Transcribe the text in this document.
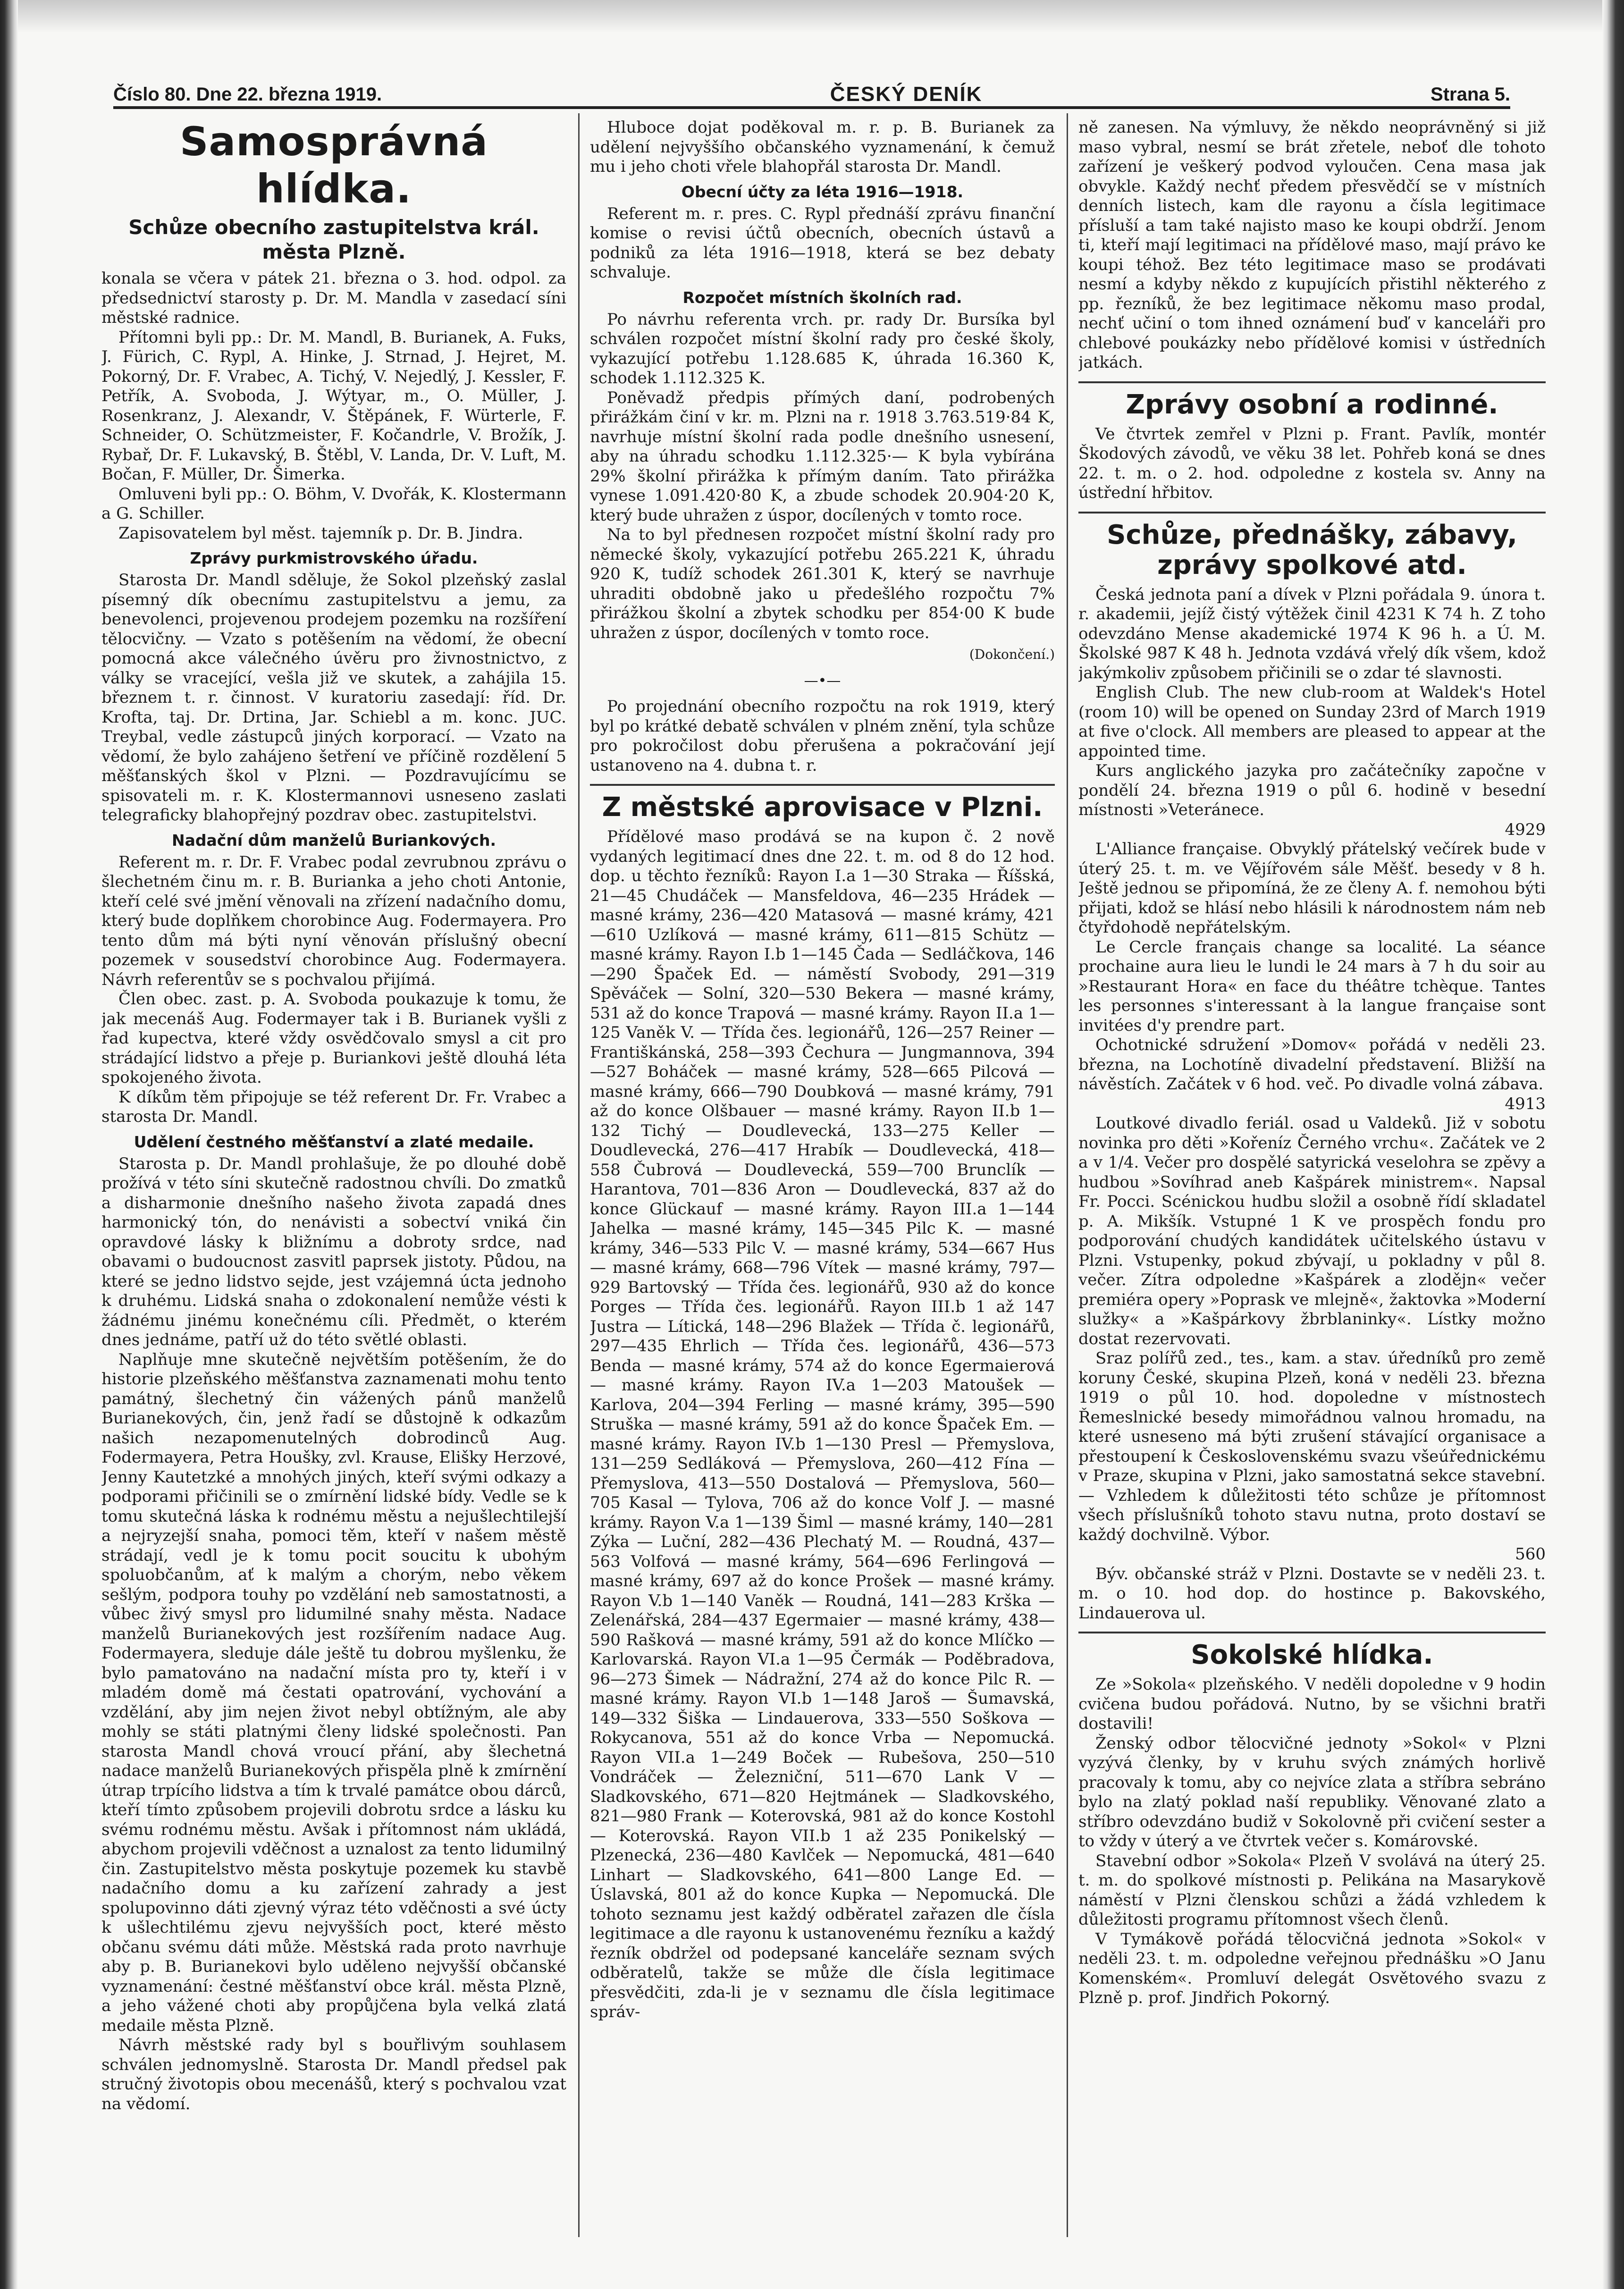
Číslo 80. Dne 22. března 1919.	ČESKÝ DENÍK	Strana 5.
Samosprávná hlídka.
Schůze obecního zastupitelstva král. města Plzně.

konala se včera v pátek 21. března o 3. hod. odpol. za předsednictví starosty p. Dr. M. Mandla v zasedací síni městské radnice.

Přítomni byli pp.: Dr. M. Mandl, B. Burianek, A. Fuks, J. Fürich, C. Rypl, A. Hinke, J. Strnad, J. Hejret, M. Pokorný, Dr. F. Vrabec, A. Tichý, V. Nejedlý, J. Kessler, F. Petřík, A. Svoboda, J. Wýtyar, m., O. Müller, J. Rosenkranz, J. Alexandr, V. Štěpánek, F. Würterle, F. Schneider, O. Schützmeister, F. Kočandrle, V. Brožík, J. Rybař, Dr. F. Lukavský, B. Štěbl, V. Landa, Dr. V. Luft, M. Bočan, F. Müller, Dr. Šimerka.

Omluveni byli pp.: O. Böhm, V. Dvořák, K. Klostermann a G. Schiller.

Zapisovatelem byl měst. tajemník p. Dr. B. Jindra.

Zprávy purkmistrovského úřadu.

Starosta Dr. Mandl sděluje, že Sokol plzeňský zaslal písemný dík obecnímu zastupitelstvu a jemu, za benevolenci, projevenou prodejem pozemku na rozšíření tělocvičny. — Vzato s potěšením na vědomí, že obecní pomocná akce válečného úvěru pro živnostnictvo, z války se vracející, vešla již ve skutek, a zahájila 15. březnem t. r. činnost. V kuratoriu zasedají: říd. Dr. Krofta, taj. Dr. Drtina, Jar. Schiebl a m. konc. JUC. Treybal, vedle zástupců jiných korporací. — Vzato na vědomí, že bylo zahájeno šetření ve příčině rozdělení 5 měšťanských škol v Plzni. — Pozdravujícímu se spisovateli m. r. K. Klostermannovi usneseno zaslati telegraficky blahopřejný pozdrav obec. zastupitelstvi.

Nadační dům manželů Buriankových.

Referent m. r. Dr. F. Vrabec podal zevrubnou zprávu o šlechetném činu m. r. B. Burianka a jeho choti Antonie, kteří celé své jmění věnovali na zřízení nadačního domu, který bude doplňkem chorobince Aug. Fodermayera. Pro tento dům má býti nyní věnován příslušný obecní pozemek v sousedství chorobince Aug. Fodermayera. Návrh referentův se s pochvalou přijímá.

Člen obec. zast. p. A. Svoboda poukazuje k tomu, že jak mecenáš Aug. Fodermayer tak i B. Burianek vyšli z řad kupectva, které vždy osvědčovalo smysl a cit pro strádající lidstvo a přeje p. Buriankovi ještě dlouhá léta spokojeného života.

K díkům těm připojuje se též referent Dr. Fr. Vrabec a starosta Dr. Mandl.

Udělení čestného měšťanství a zlaté medaile.

Starosta p. Dr. Mandl prohlašuje, že po dlouhé době prožívá v této síni skutečně radostnou chvíli. Do zmatků a disharmonie dnešního našeho života zapadá dnes harmonický tón, do nenávisti a sobectví vniká čin opravdové lásky k bližnímu a dobroty srdce, nad obavami o budoucnost zasvitl paprsek jistoty. Půdou, na které se jedno lidstvo sejde, jest vzájemná úcta jednoho k druhému. Lidská snaha o zdokonalení nemůže vésti k žádnému jinému konečnému cíli. Předmět, o kterém dnes jednáme, patří už do této světlé oblasti.

Naplňuje mne skutečně největším potěšením, že do historie plzeňského měšťanstva zaznamenati mohu tento památný, šlechetný čin vážených pánů manželů Burianekových, čin, jenž řadí se důstojně k odkazům našich nezapomenutelných dobrodinců Aug. Fodermayera, Petra Houšky, zvl. Krause, Elišky Herzové, Jenny Kautetzké a mnohých jiných, kteří svými odkazy a podporami přičinili se o zmírnění lidské bídy. Vedle se k tomu skutečná láska k rodnému městu a nejušlechtilejší a nejryzejší snaha, pomoci těm, kteří v našem městě strádají, vedl je k tomu pocit soucitu k ubohým spoluobčanům, ať k malým a chorým, nebo věkem sešlým, podpora touhy po vzdělání neb samostatnosti, a vůbec živý smysl pro lidumilné snahy města. Nadace manželů Burianekových jest rozšířením nadace Aug. Fodermayera, sleduje dále ještě tu dobrou myšlenku, že bylo pamatováno na nadační místa pro ty, kteří i v mladém domě má čestati opatrování, vychování a vzdělání, aby jim nejen život nebyl obtížným, ale aby mohly se státi platnými členy lidské společnosti. Pan starosta Mandl chová vroucí přání, aby šlechetná nadace manželů Burianekových přispěla plně k zmírnění útrap trpícího lidstva a tím k trvalé památce obou dárců, kteří tímto způsobem projevili dobrotu srdce a lásku ku svému rodnému městu. Avšak i přítomnost nám ukládá, abychom projevili vděčnost a uznalost za tento lidumilný čin. Zastupitelstvo města poskytuje pozemek ku stavbě nadačního domu a ku zařízení zahrady a jest spolupovinno dáti zjevný výraz této vděčnosti a své úcty k ušlechtilému zjevu nejvyšších poct, které město občanu svému dáti může. Městská rada proto navrhuje aby p. B. Burianekovi bylo uděleno nejvyšší občanské vyznamenání: čestné měšťanství obce král. města Plzně, a jeho vážené choti aby propůjčena byla velká zlatá medaile města Plzně.

Návrh městské rady byl s bouřlivým souhlasem schválen jednomyslně. Starosta Dr. Mandl předsel pak stručný životopis obou mecenášů, který s pochvalou vzat na vědomí.

Hluboce dojat poděkoval m. r. p. B. Burianek za udělení nejvyššího občanského vyznamenání, k čemuž mu i jeho choti vřele blahopřál starosta Dr. Mandl.

Obecní účty za léta 1916—1918.

Referent m. r. pres. C. Rypl přednáší zprávu finanční komise o revisi účtů obecních, obecních ústavů a podniků za léta 1916—1918, která se bez debaty schvaluje.

Rozpočet místních školních rad.

Po návrhu referenta vrch. pr. rady Dr. Bursíka byl schválen rozpočet místní školní rady pro české školy, vykazující potřebu 1.128.685 K, úhrada 16.360 K, schodek 1.112.325 K.

Poněvadž předpis přímých daní, podrobených přirážkám činí v kr. m. Plzni na r. 1918 3.763.519·84 K, navrhuje místní školní rada podle dnešního usnesení, aby na úhradu schodku 1.112.325·— K byla vybírána 29% školní přirážka k přímým daním. Tato přirážka vynese 1.091.420·80 K, a zbude schodek 20.904·20 K, který bude uhražen z úspor, docílených v tomto roce.

Na to byl přednesen rozpočet místní školní rady pro německé školy, vykazující potřebu 265.221 K, úhradu 920 K, tudíž schodek 261.301 K, který se navrhuje uhraditi obdobně jako u předešlého rozpočtu 7% přirážkou školní a zbytek schodku per 854·00 K bude uhražen z úspor, docílených v tomto roce.

(Dokončení.)
—•—

Po projednání obecního rozpočtu na rok 1919, který byl po krátké debatě schválen v plném znění, tyla schůze pro pokročilost dobu přerušena a pokračování její ustanoveno na 4. dubna t. r.

Z městské aprovisace v Plzni.

Přídělové maso prodává se na kupon č. 2 nově vydaných legitimací dnes dne 22. t. m. od 8 do 12 hod. dop. u těchto řezníků: Rayon I.a 1—30 Straka — Říšská, 21—45 Chudáček — Mansfeldova, 46—235 Hrádek — masné krámy, 236—420 Matasová — masné krámy, 421—610 Uzlíková — masné krámy, 611—815 Schütz — masné krámy. Rayon I.b 1—145 Čada — Sedláčkova, 146—290 Špaček Ed. — náměstí Svobody, 291—319 Spěváček — Solní, 320—530 Bekera — masné krámy, 531 až do konce Trapová — masné krámy. Rayon II.a 1—125 Vaněk V. — Třída čes. legionářů, 126—257 Reiner — Františkánská, 258—393 Čechura — Jungmannova, 394—527 Boháček — masné krámy, 528—665 Pilcová — masné krámy, 666—790 Doubková — masné krámy, 791 až do konce Olšbauer — masné krámy. Rayon II.b 1—132 Tichý — Doudlevecká, 133—275 Keller — Doudlevecká, 276—417 Hrabík — Doudlevecká, 418—558 Čubrová — Doudlevecká, 559—700 Brunclík — Harantova, 701—836 Aron — Doudlevecká, 837 až do konce Glückauf — masné krámy. Rayon III.a 1—144 Jahelka — masné krámy, 145—345 Pilc K. — masné krámy, 346—533 Pilc V. — masné krámy, 534—667 Hus — masné krámy, 668—796 Vítek — masné krámy, 797—929 Bartovský — Třída čes. legionářů, 930 až do konce Porges — Třída čes. legionářů. Rayon III.b 1 až 147 Justra — Lítická, 148—296 Blažek — Třída č. legionářů, 297—435 Ehrlich — Třída čes. legionářů, 436—573 Benda — masné krámy, 574 až do konce Egermaierová — masné krámy. Rayon IV.a 1—203 Matoušek — Karlova, 204—394 Ferling — masné krámy, 395—590 Struška — masné krámy, 591 až do konce Špaček Em. — masné krámy. Rayon IV.b 1—130 Presl — Přemyslova, 131—259 Sedláková — Přemyslova, 260—412 Fína — Přemyslova, 413—550 Dostalová — Přemyslova, 560—705 Kasal — Tylova, 706 až do konce Volf J. — masné krámy. Rayon V.a 1—139 Šiml — masné krámy, 140—281 Zýka — Luční, 282—436 Plechatý M. — Roudná, 437—563 Volfová — masné krámy, 564—696 Ferlingová — masné krámy, 697 až do konce Prošek — masné krámy. Rayon V.b 1—140 Vaněk — Roudná, 141—283 Krška — Zelenářská, 284—437 Egermaier — masné krámy, 438—590 Rašková — masné krámy, 591 až do konce Mlíčko — Karlovarská. Rayon VI.a 1—95 Čermák — Poděbradova, 96—273 Šimek — Nádražní, 274 až do konce Pilc R. — masné krámy. Rayon VI.b 1—148 Jaroš — Šumavská, 149—332 Šiška — Lindauerova, 333—550 Soškova — Rokycanova, 551 až do konce Vrba — Nepomucká. Rayon VII.a 1—249 Boček — Rubešova, 250—510 Vondráček — Železniční, 511—670 Lank V — Sladkovského, 671—820 Hejtmánek — Sladkovského, 821—980 Frank — Koterovská, 981 až do konce Kostohl — Koterovská. Rayon VII.b 1 až 235 Ponikelský — Plzenecká, 236—480 Kavlček — Nepomucká, 481—640 Linhart — Sladkovského, 641—800 Lange Ed. — Úslavská, 801 až do konce Kupka — Nepomucká. Dle tohoto seznamu jest každý odběratel zařazen dle čísla legitimace a dle rayonu k ustanovenému řezníku a každý řezník obdržel od podepsané kanceláře seznam svých odběratelů, takže se může dle čísla legitimace přesvědčiti, zda-li je v seznamu dle čísla legitimace správ-

ně zanesen. Na výmluvy, že někdo neoprávněný si již maso vybral, nesmí se brát zřetele, neboť dle tohoto zařízení je veškerý podvod vyloučen. Cena masa jak obvykle. Každý nechť předem přesvědčí se v místních denních listech, kam dle rayonu a čísla legitimace přísluší a tam také najisto maso ke koupi obdrží. Jenom ti, kteří mají legitimaci na přídělové maso, mají právo ke koupi téhož. Bez této legitimace maso se prodávati nesmí a kdyby někdo z kupujících přistihl některého z pp. řezníků, že bez legitimace někomu maso prodal, nechť učiní o tom ihned oznámení buď v kanceláři pro chlebové poukázky nebo přídělové komisi v ústředních jatkách.

Zprávy osobní a rodinné.

Ve čtvrtek zemřel v Plzni p. Frant. Pavlík, montér Škodových závodů, ve věku 38 let. Pohřeb koná se dnes 22. t. m. o 2. hod. odpoledne z kostela sv. Anny na ústřední hřbitov.

Schůze, přednášky, zábavy, zprávy spolkové atd.

Česká jednota paní a dívek v Plzni pořádala 9. února t. r. akademii, jejíž čistý výtěžek činil 4231 K 74 h. Z toho odevzdáno Mense akademické 1974 K 96 h. a Ú. M. Školské 987 K 48 h. Jednota vzdává vřelý dík všem, kdož jakýmkoliv způsobem přičinili se o zdar té slavnosti.

English Club. The new club-room at Waldek's Hotel (room 10) will be opened on Sunday 23rd of March 1919 at five o'clock. All members are pleased to appear at the appointed time.

Kurs anglického jazyka pro začátečníky započne v pondělí 24. března 1919 o půl 6. hodině v besední místnosti »Veteránece.

4929

L'Alliance française. Obvyklý přátelský večírek bude v úterý 25. t. m. ve Vějířovém sále Měšť. besedy v 8 h. Ještě jednou se připomíná, že ze členy A. f. nemohou býti přijati, kdož se hlásí nebo hlásili k národnostem nám neb čtyřdohodě nepřátelským.

Le Cercle français change sa localité. La séance prochaine aura lieu le lundi le 24 mars à 7 h du soir au »Restaurant Hora« en face du théâtre tchèque. Tantes les personnes s'interessant à la langue française sont invitées d'y prendre part.

Ochotnické sdružení »Domov« pořádá v neděli 23. března, na Lochotíně divadelní představení. Bližší na návěstích. Začátek v 6 hod. več. Po divadle volná zábava.

4913

Loutkové divadlo feriál. osad u Valdeků. Již v sobotu novinka pro děti »Kořeníz Černého vrchu«. Začátek ve 2 a v 1/4. Večer pro dospělé satyrická veselohra se zpěvy a hudbou »Sovíhrad aneb Kašpárek ministrem«. Napsal Fr. Pocci. Scénickou hudbu složil a osobně řídí skladatel p. A. Mikšík. Vstupné 1 K ve prospěch fondu pro podporování chudých kandidátek učitelského ústavu v Plzni. Vstupenky, pokud zbývají, u pokladny v půl 8. večer. Zítra odpoledne »Kašpárek a zlodějn« večer premiéra opery »Poprask ve mlejně«, žaktovka »Moderní služky« a »Kašpárkovy žbrblaninky«. Lístky možno dostat rezervovati.

Sraz polířů zed., tes., kam. a stav. úředníků pro země koruny České, skupina Plzeň, koná v neděli 23. března 1919 o půl 10. hod. dopoledne v místnostech Řemeslnické besedy mimořádnou valnou hromadu, na které usneseno má býti zrušení stávající organisace a přestoupení k Československému svazu všeúřednickému v Praze, skupina v Plzni, jako samostatná sekce stavební. — Vzhledem k důležitosti této schůze je přítomnost všech příslušníků tohoto stavu nutna, proto dostaví se každý dochvilně. Výbor.

560

Býv. občanské stráž v Plzni. Dostavte se v neděli 23. t. m. o 10. hod dop. do hostince p. Bakovského, Lindauerova ul.

Sokolské hlídka.

Ze »Sokola« plzeňského. V neděli dopoledne v 9 hodin cvičena budou pořádová. Nutno, by se všichni bratři dostavili!

Ženský odbor tělocvičné jednoty »Sokol« v Plzni vyzývá členky, by v kruhu svých známých horlivě pracovaly k tomu, aby co nejvíce zlata a stříbra sebráno bylo na zlatý poklad naší republiky. Věnované zlato a stříbro odevzdáno budiž v Sokolovně při cvičení sester a to vždy v úterý a ve čtvrtek večer s. Komárovské.

Stavební odbor »Sokola« Plzeň V svolává na úterý 25. t. m. do spolkové místnosti p. Pelikána na Masarykově náměstí v Plzni členskou schůzi a žádá vzhledem k důležitosti programu přítomnost všech členů.

V Tymákově pořádá tělocvičná jednota »Sokol« v neděli 23. t. m. odpoledne veřejnou přednášku »O Janu Komenském«. Promluví delegát Osvětového svazu z Plzně p. prof. Jindřich Pokorný.
